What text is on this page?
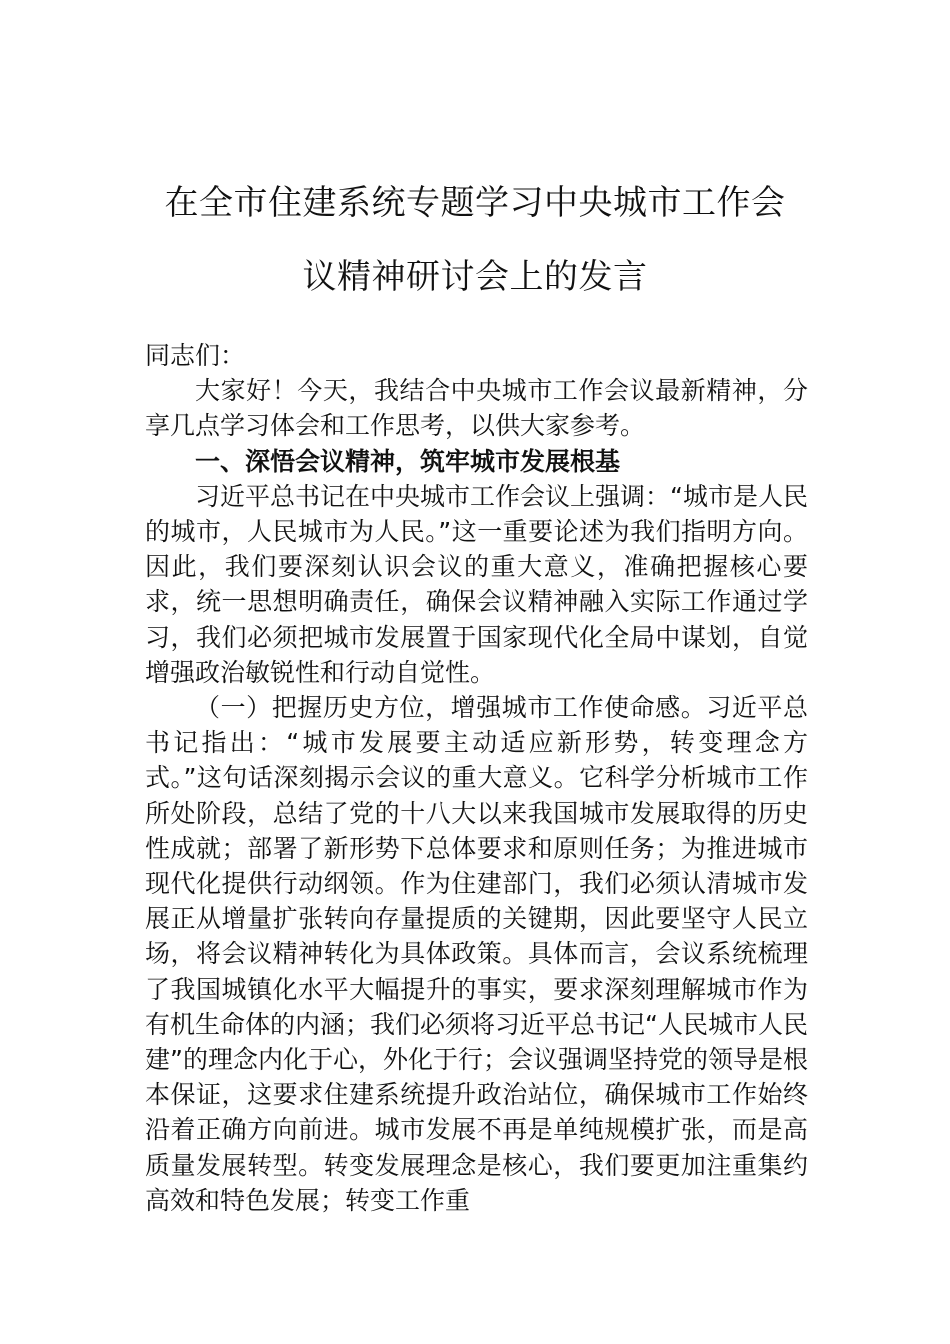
在全市住建系统专题学习中央城市工作会
议精神研讨会上的发言

同志们：

大家好！今天，我结合中央城市工作会议最新精神，分享几点学习体会和工作思考，以供大家参考。

一、深悟会议精神，筑牢城市发展根基

习近平总书记在中央城市工作会议上强调：“城市是人民的城市，人民城市为人民。”这一重要论述为我们指明方向。因此，我们要深刻认识会议的重大意义，准确把握核心要求，统一思想明确责任，确保会议精神融入实际工作通过学习，我们必须把城市发展置于国家现代化全局中谋划，自觉增强政治敏锐性和行动自觉性。

（一）把握历史方位，增强城市工作使命感。习近平总书记指出：“城市发展要主动适应新形势，转变理念方式。”这句话深刻揭示会议的重大意义。它科学分析城市工作所处阶段，总结了党的十八大以来我国城市发展取得的历史性成就；部署了新形势下总体要求和原则任务；为推进城市现代化提供行动纲领。作为住建部门，我们必须认清城市发展正从增量扩张转向存量提质的关键期，因此要坚守人民立场，将会议精神转化为具体政策。具体而言，会议系统梳理了我国城镇化水平大幅提升的事实，要求深刻理解城市作为有机生命体的内涵；我们必须将习近平总书记“人民城市人民建”的理念内化于心，外化于行；会议强调坚持党的领导是根本保证，这要求住建系统提升政治站位，确保城市工作始终沿着正确方向前进。城市发展不再是单纯规模扩张，而是高质量发展转型。转变发展理念是核心，我们要更加注重集约高效和特色发展；转变工作重
